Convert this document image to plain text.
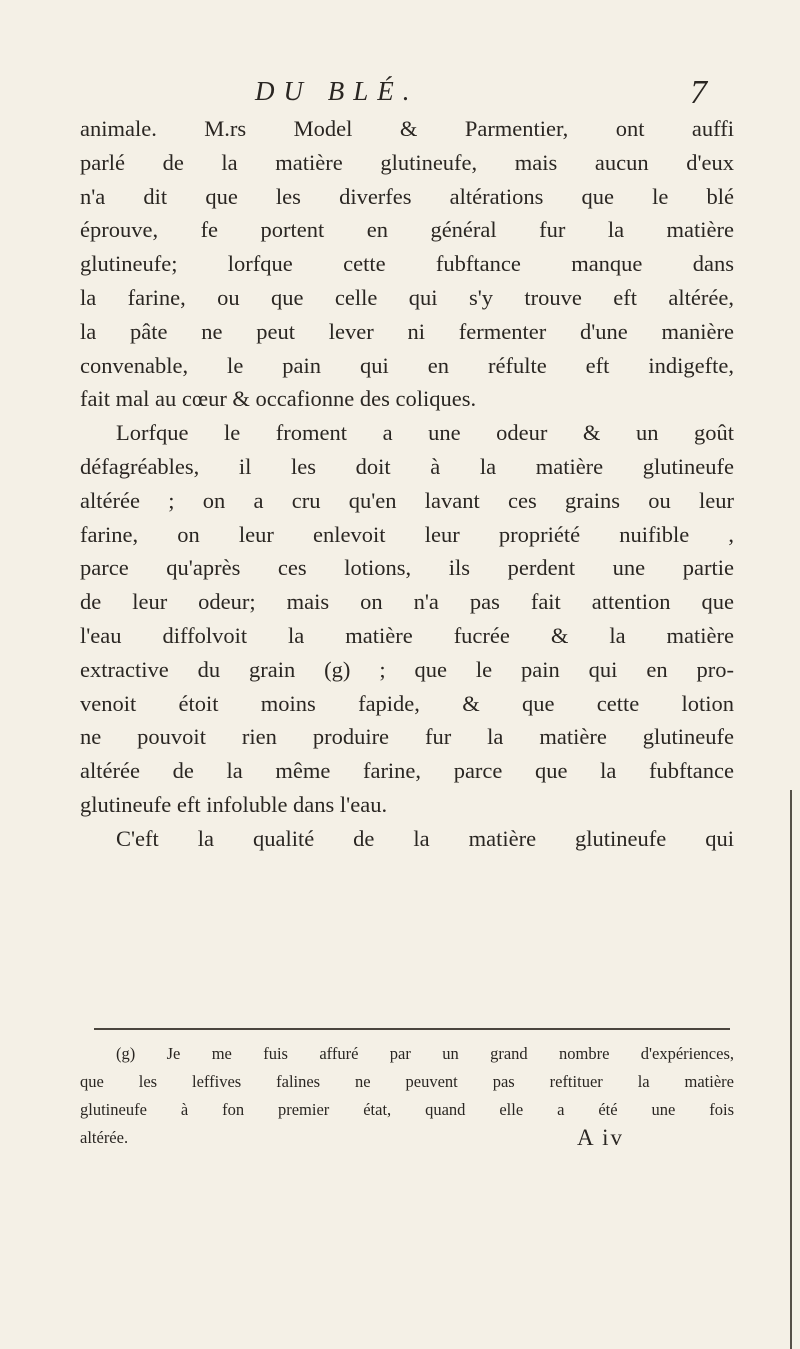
DU BLÉ.	7
animale. M.rs Model & Parmentier, ont auffi
parlé de la matière glutineufe, mais aucun d'eux
n'a dit que les diverfes altérations que le blé
éprouve, fe portent en général fur la matière
glutineufe; lorfque cette fubftance manque dans
la farine, ou que celle qui s'y trouve eft altérée,
la pâte ne peut lever ni fermenter d'une manière
convenable, le pain qui en réfulte eft indigefte,
fait mal au cœur & occafionne des coliques.
Lorfque le froment a une odeur & un goût
défagréables, il les doit à la matière glutineufe
altérée ; on a cru qu'en lavant ces grains ou leur
farine, on leur enlevoit leur propriété nuifible ,
parce qu'après ces lotions, ils perdent une partie
de leur odeur; mais on n'a pas fait attention que
l'eau diffolvoit la matière fucrée & la matière
extractive du grain (g) ; que le pain qui en pro-
venoit étoit moins fapide, & que cette lotion
ne pouvoit rien produire fur la matière glutineufe
altérée de la même farine, parce que la fubftance
glutineufe eft infoluble dans l'eau.
C'eft la qualité de la matière glutineufe qui
(g) Je me fuis affuré par un grand nombre d'expériences,
que les leffives falines ne peuvent pas reftituer la matière
glutineufe à fon premier état, quand elle a été une fois
altérée.	A iv
